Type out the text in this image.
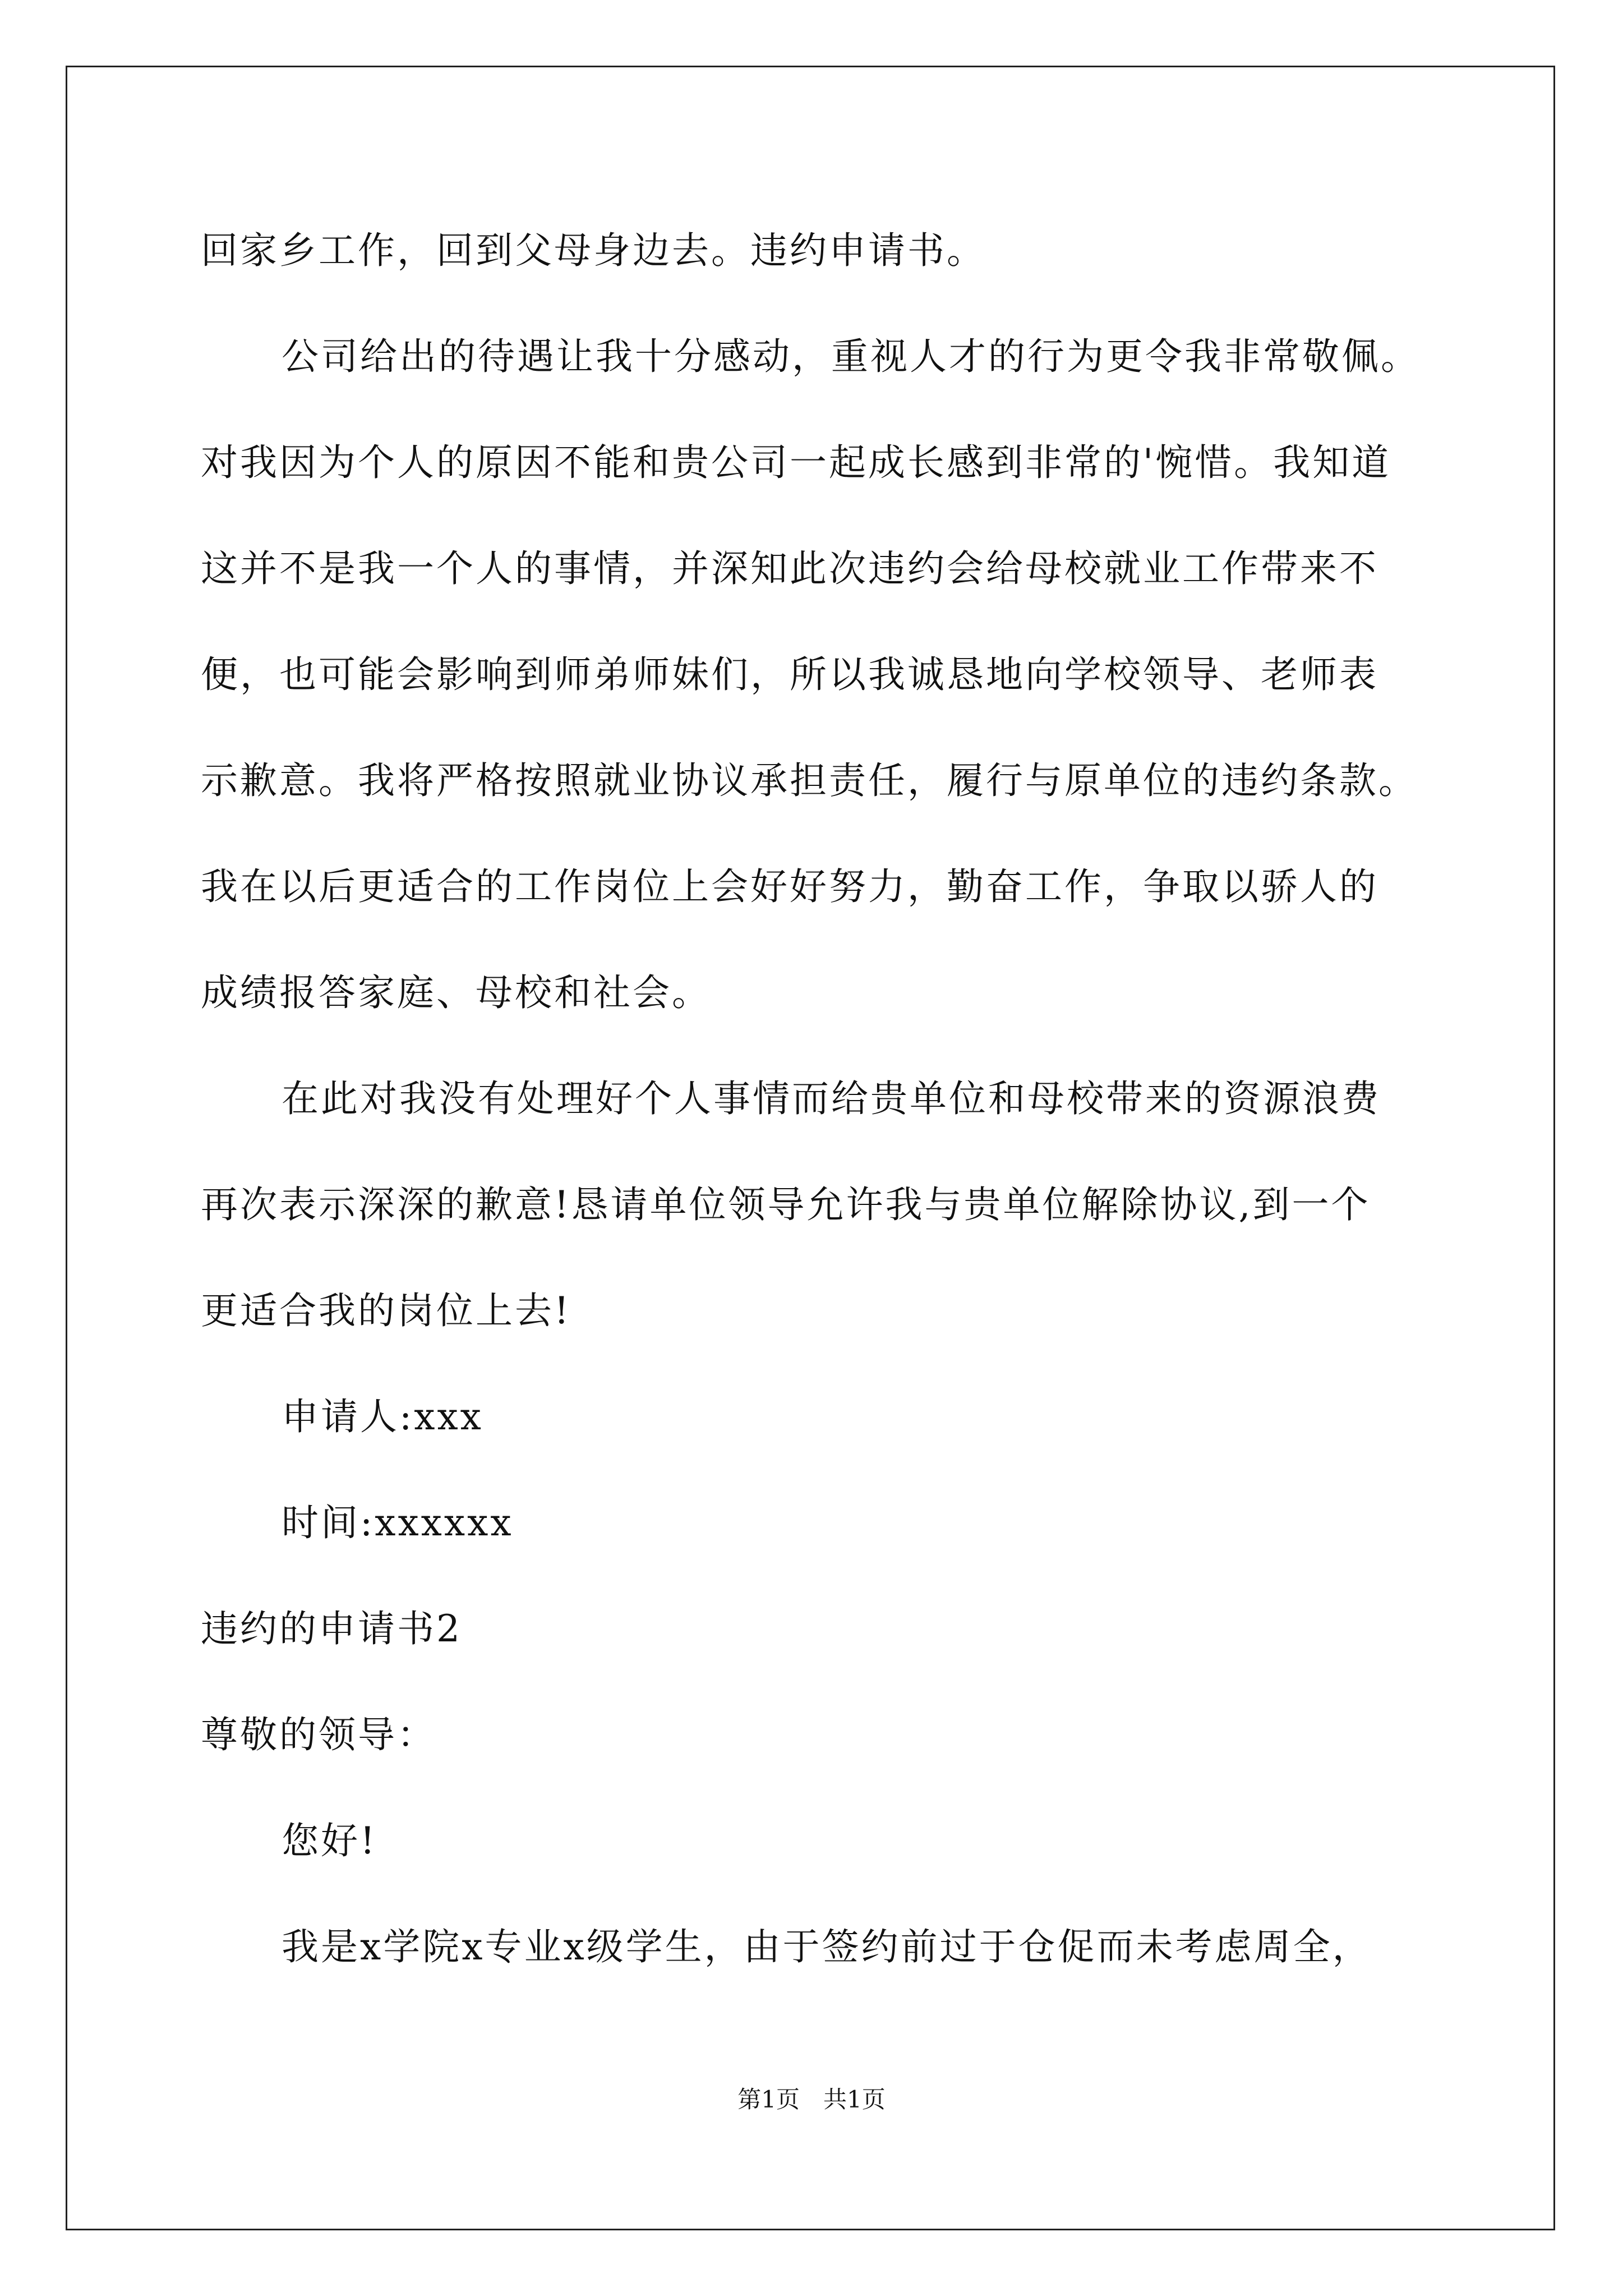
回家乡工作，回到父母身边去。违约申请书。
公司给出的待遇让我十分感动，重视人才的行为更令我非常敬佩。
对我因为个人的原因不能和贵公司一起成长感到非常的'惋惜。我知道
这并不是我一个人的事情，并深知此次违约会给母校就业工作带来不
便，也可能会影响到师弟师妹们，所以我诚恳地向学校领导、老师表
示歉意。我将严格按照就业协议承担责任，履行与原单位的违约条款。
我在以后更适合的工作岗位上会好好努力，勤奋工作，争取以骄人的
成绩报答家庭、母校和社会。
在此对我没有处理好个人事情而给贵单位和母校带来的资源浪费
再次表示深深的歉意!恳请单位领导允许我与贵单位解除协议,到一个
更适合我的岗位上去!
申请人:xxx
时间:xxxxxx
违约的申请书2
尊敬的领导：
您好!
我是x学院x专业x级学生，由于签约前过于仓促而未考虑周全，
第1页　共1页
